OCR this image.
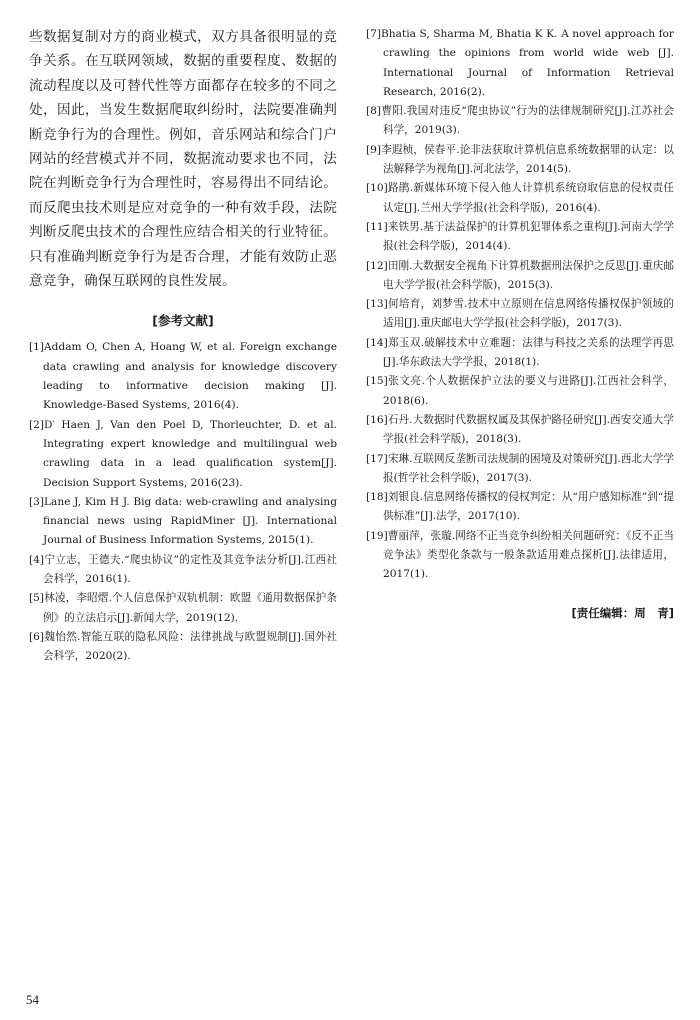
些数据复制对方的商业模式，双方具备很明显的竞争关系。在互联网领域，数据的重要程度、数据的流动程度以及可替代性等方面都存在较多的不同之处，因此，当发生数据爬取纠纷时，法院要准确判断竞争行为的合理性。例如，音乐网站和综合门户网站的经营模式并不同，数据流动要求也不同，法院在判断竞争行为合理性时，容易得出不同结论。而反爬虫技术则是应对竞争的一种有效手段，法院判断反爬虫技术的合理性应结合相关的行业特征。只有准确判断竞争行为是否合理，才能有效防止恶意竞争，确保互联网的良性发展。

[参考文献]
[1]Addam O, Chen A, Hoang W, et al. Foreign exchange data crawling and analysis for knowledge discovery leading to informative decision making [J]. Knowledge-Based Systems, 2016(4).
[2]D′ Haen J, Van den Poel D, Thorleuchter, D. et al. Integrating expert knowledge and multilingual web crawling data in a lead qualification system[J]. Decision Support Systems, 2016(23).
[3]Lane J, Kim H J. Big data: web-crawling and analysing financial news using RapidMiner [J]. International Journal of Business Information Systems, 2015(1).
[4]宁立志，王德夫.“爬虫协议”的定性及其竞争法分析[J].江西社会科学，2016(1).
[5]林凌，李昭熠.个人信息保护双轨机制：欧盟《通用数据保护条例》的立法启示[J].新闻大学，2019(12).
[6]魏怡然.智能互联的隐私风险：法律挑战与欧盟规制[J].国外社会科学，2020(2).
[7]Bhatia S, Sharma M, Bhatia K K. A novel approach for crawling the opinions from world wide web [J]. International Journal of Information Retrieval Research, 2016(2).
[8]曹阳.我国对违反“爬虫协议”行为的法律规制研究[J].江苏社会科学，2019(3).
[9]李遐桢，侯春平.论非法获取计算机信息系统数据罪的认定：以法解释学为视角[J].河北法学，2014(5).
[10]路鹃.新媒体环境下侵入他人计算机系统窃取信息的侵权责任认定[J].兰州大学学报(社会科学版)，2016(4).
[11]来铁男.基于法益保护的计算机犯罪体系之重构[J].河南大学学报(社会科学版)，2014(4).
[12]田刚.大数据安全视角下计算机数据刑法保护之反思[J].重庆邮电大学学报(社会科学版)，2015(3).
[13]何培育，刘梦雪.技术中立原则在信息网络传播权保护领域的适用[J].重庆邮电大学学报(社会科学版)，2017(3).
[14]郑玉双.破解技术中立难题：法律与科技之关系的法理学再思[J].华东政法大学学报，2018(1).
[15]张文亮.个人数据保护立法的要义与进路[J].江西社会科学，2018(6).
[16]石丹.大数据时代数据权属及其保护路径研究[J].西安交通大学学报(社会科学版)，2018(3).
[17]宋琳.互联网反垄断司法规制的困境及对策研究[J].西北大学学报(哲学社会科学版)，2017(3).
[18]刘银良.信息网络传播权的侵权判定：从“用户感知标准”到“提供标准”[J].法学，2017(10).
[19]曹丽萍，张璇.网络不正当竞争纠纷相关问题研究：《反不正当竞争法》类型化条款与一般条款适用难点探析[J].法律适用，2017(1).
[责任编辑：周　青]
54
